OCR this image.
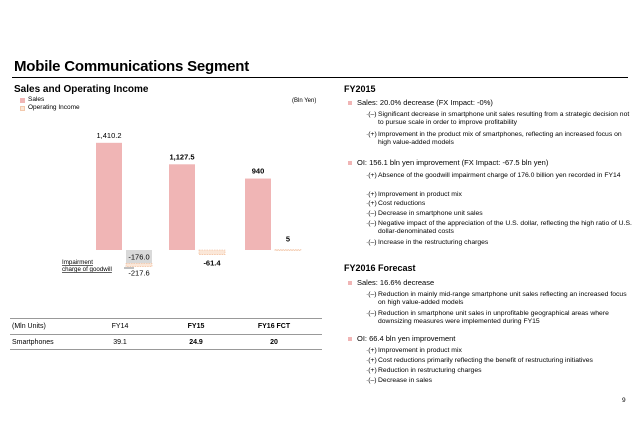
Mobile Communications Segment
Sales and Operating Income
Sales
Operating Income
(Bln Yen)
1,410.2
-217.6
-176.0
1,127.5
-61.4
940
5
Impairment
charge of goodwill
(Mln Units)	FY14	FY15	FY16 FCT
Smartphones	39.1	24.9	20
FY2015
Sales: 20.0% decrease (FX Impact: -0%)
·(–) Significant decrease in smartphone unit sales resulting from a strategic decision not to pursue scale in order to improve profitability
·(+) Improvement in the product mix of smartphones, reflecting an increased focus on high value-added models
OI: 156.1 bln yen improvement (FX Impact: -67.5 bln yen)
·(+) Absence of the goodwill impairment charge of 176.0 billion yen recorded in FY14
·(+) Improvement in product mix
·(+) Cost reductions
·(–) Decrease in smartphone unit sales
·(–) Negative impact of the appreciation of the U.S. dollar, reflecting the high ratio of U.S. dollar-denominated costs
·(–) Increase in the restructuring charges
FY2016 Forecast
Sales: 16.6% decrease
·(–) Reduction in mainly mid-range smartphone unit sales reflecting an increased focus on high value-added models
·(–) Reduction in smartphone unit sales in unprofitable geographical areas where downsizing measures were implemented during FY15
OI: 66.4 bln yen improvement
·(+) Improvement in product mix
·(+) Cost reductions primarily reflecting the benefit of restructuring initiatives
·(+) Reduction in restructuring charges
·(–) Decrease in sales
9
